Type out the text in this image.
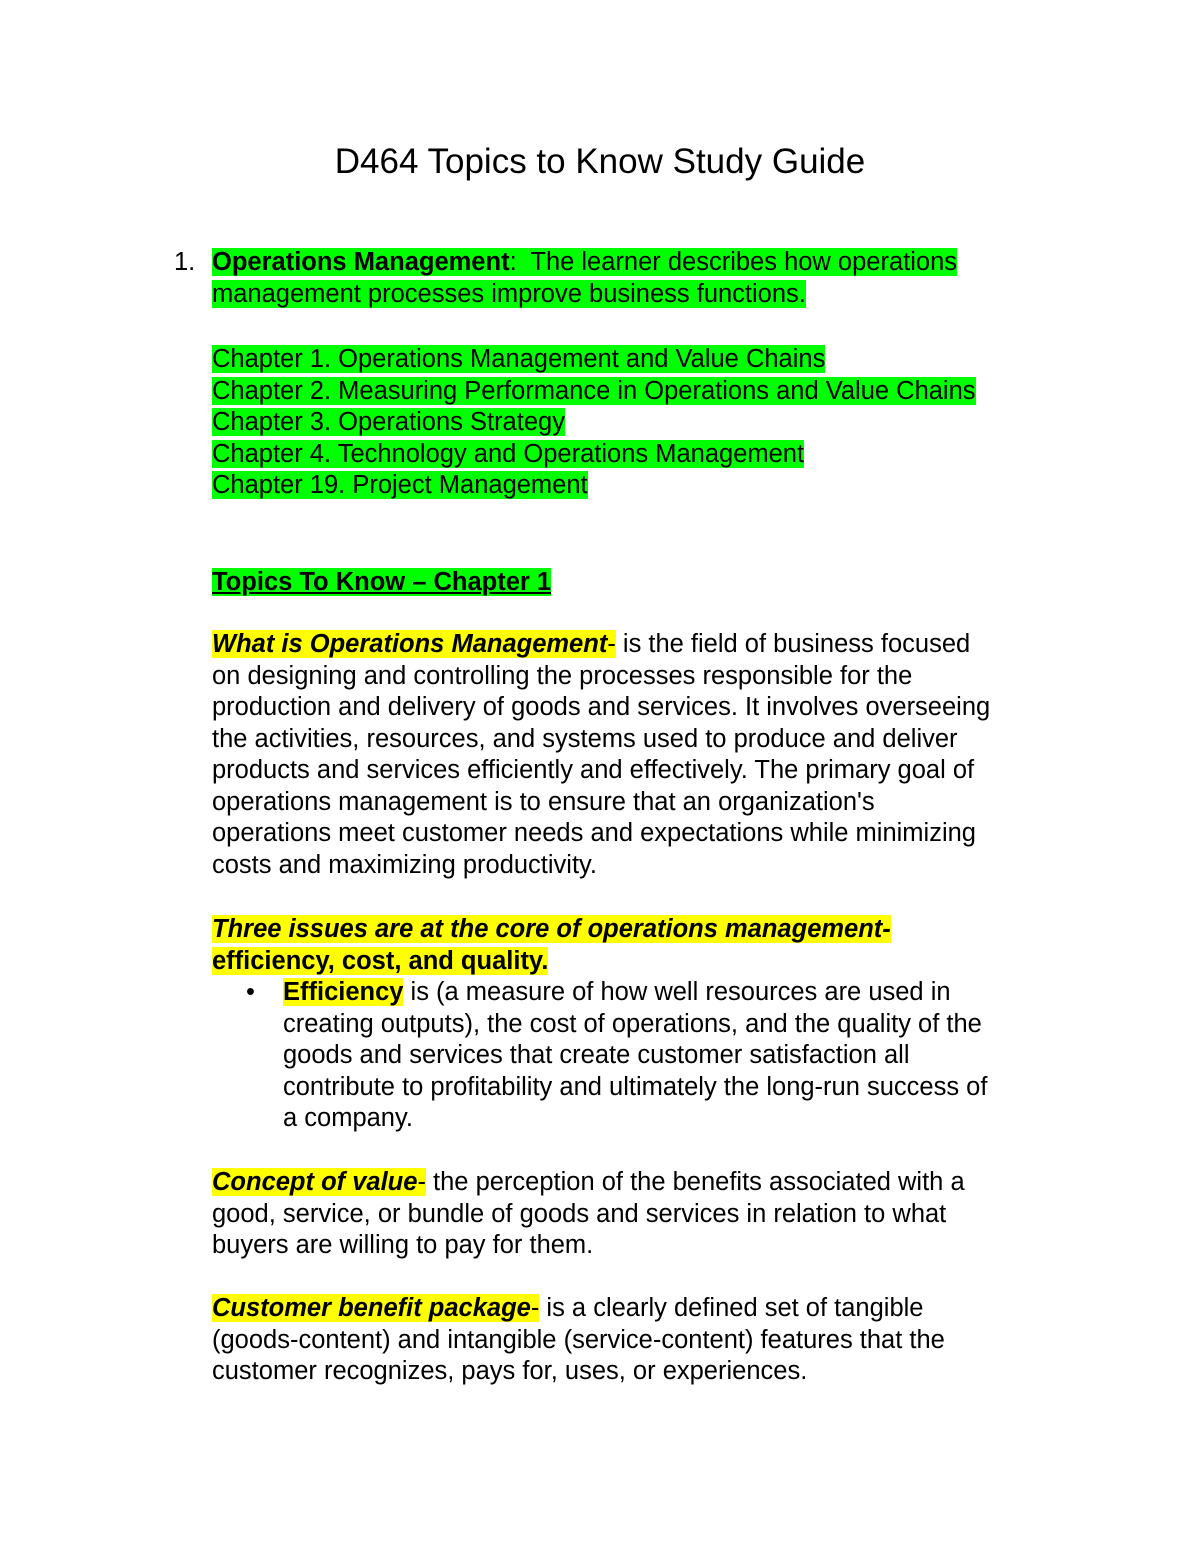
D464 Topics to Know Study Guide
1. Operations Management:  The learner describes how operations
management processes improve business functions.
Chapter 1. Operations Management and Value Chains
Chapter 2. Measuring Performance in Operations and Value Chains
Chapter 3. Operations Strategy
Chapter 4. Technology and Operations Management
Chapter 19. Project Management
Topics To Know – Chapter 1
What is Operations Management- is the field of business focused
on designing and controlling the processes responsible for the
production and delivery of goods and services. It involves overseeing
the activities, resources, and systems used to produce and deliver
products and services efficiently and effectively. The primary goal of
operations management is to ensure that an organization's
operations meet customer needs and expectations while minimizing
costs and maximizing productivity.
Three issues are at the core of operations management-
efficiency, cost, and quality.
• Efficiency is (a measure of how well resources are used in
creating outputs), the cost of operations, and the quality of the
goods and services that create customer satisfaction all
contribute to profitability and ultimately the long-run success of
a company.
Concept of value- the perception of the benefits associated with a
good, service, or bundle of goods and services in relation to what
buyers are willing to pay for them.
Customer benefit package- is a clearly defined set of tangible
(goods-content) and intangible (service-content) features that the
customer recognizes, pays for, uses, or experiences.
